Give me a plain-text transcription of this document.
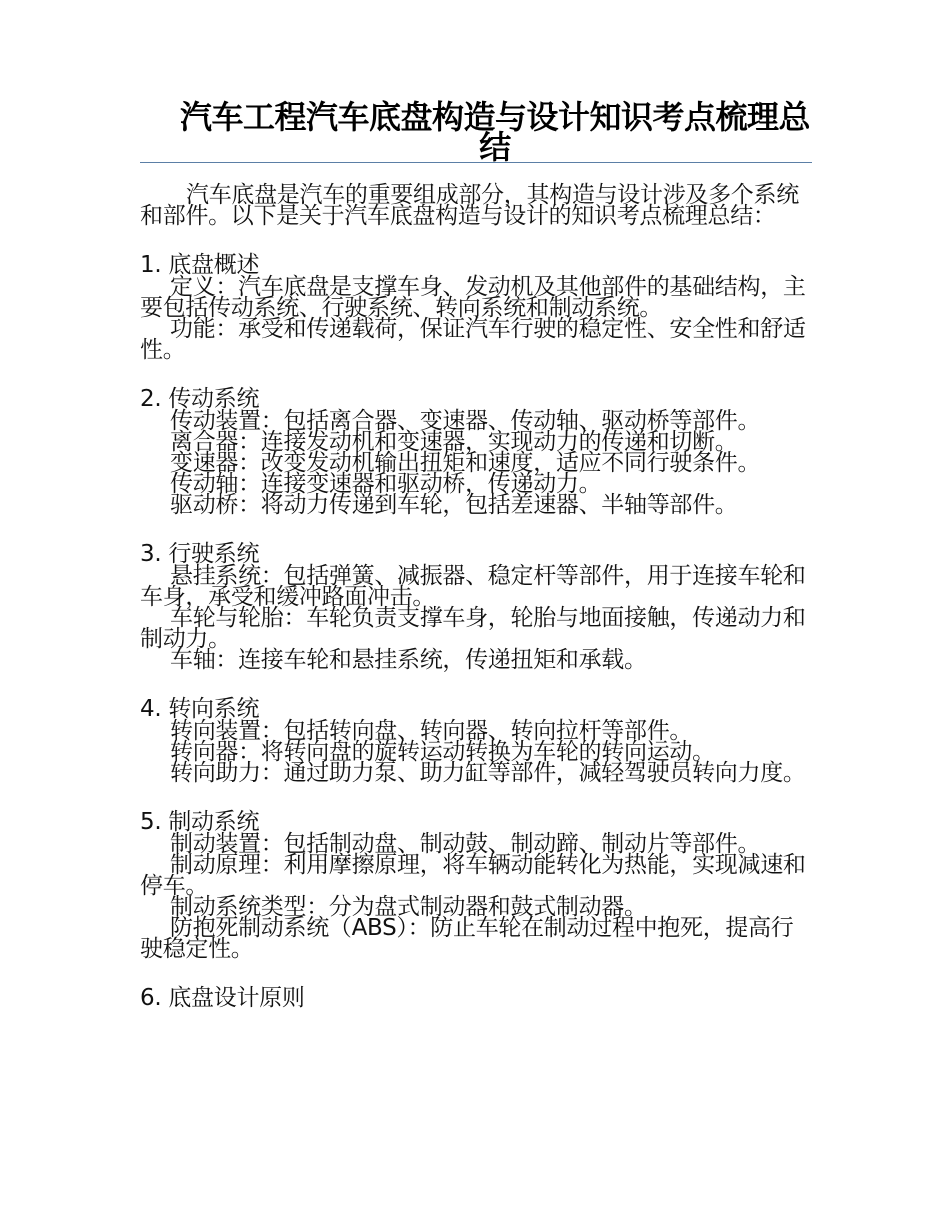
汽车工程汽车底盘构造与设计知识考点梳理总结

汽车底盘是汽车的重要组成部分，其构造与设计涉及多个系统和部件。以下是关于汽车底盘构造与设计的知识考点梳理总结：

1. 底盘概述

定义：汽车底盘是支撑车身、发动机及其他部件的基础结构，主要包括传动系统、行驶系统、转向系统和制动系统。

功能：承受和传递载荷，保证汽车行驶的稳定性、安全性和舒适性。

2. 传动系统

传动装置：包括离合器、变速器、传动轴、驱动桥等部件。

离合器：连接发动机和变速器，实现动力的传递和切断。

变速器：改变发动机输出扭矩和速度，适应不同行驶条件。

传动轴：连接变速器和驱动桥，传递动力。

驱动桥：将动力传递到车轮，包括差速器、半轴等部件。

3. 行驶系统

悬挂系统：包括弹簧、减振器、稳定杆等部件，用于连接车轮和车身，承受和缓冲路面冲击。

车轮与轮胎：车轮负责支撑车身，轮胎与地面接触，传递动力和制动力。

车轴：连接车轮和悬挂系统，传递扭矩和承载。

4. 转向系统

转向装置：包括转向盘、转向器、转向拉杆等部件。

转向器：将转向盘的旋转运动转换为车轮的转向运动。

转向助力：通过助力泵、助力缸等部件，减轻驾驶员转向力度。

5. 制动系统

制动装置：包括制动盘、制动鼓、制动蹄、制动片等部件。

制动原理：利用摩擦原理，将车辆动能转化为热能，实现减速和停车。

制动系统类型：分为盘式制动器和鼓式制动器。

防抱死制动系统（ABS）：防止车轮在制动过程中抱死，提高行驶稳定性。

6. 底盘设计原则
